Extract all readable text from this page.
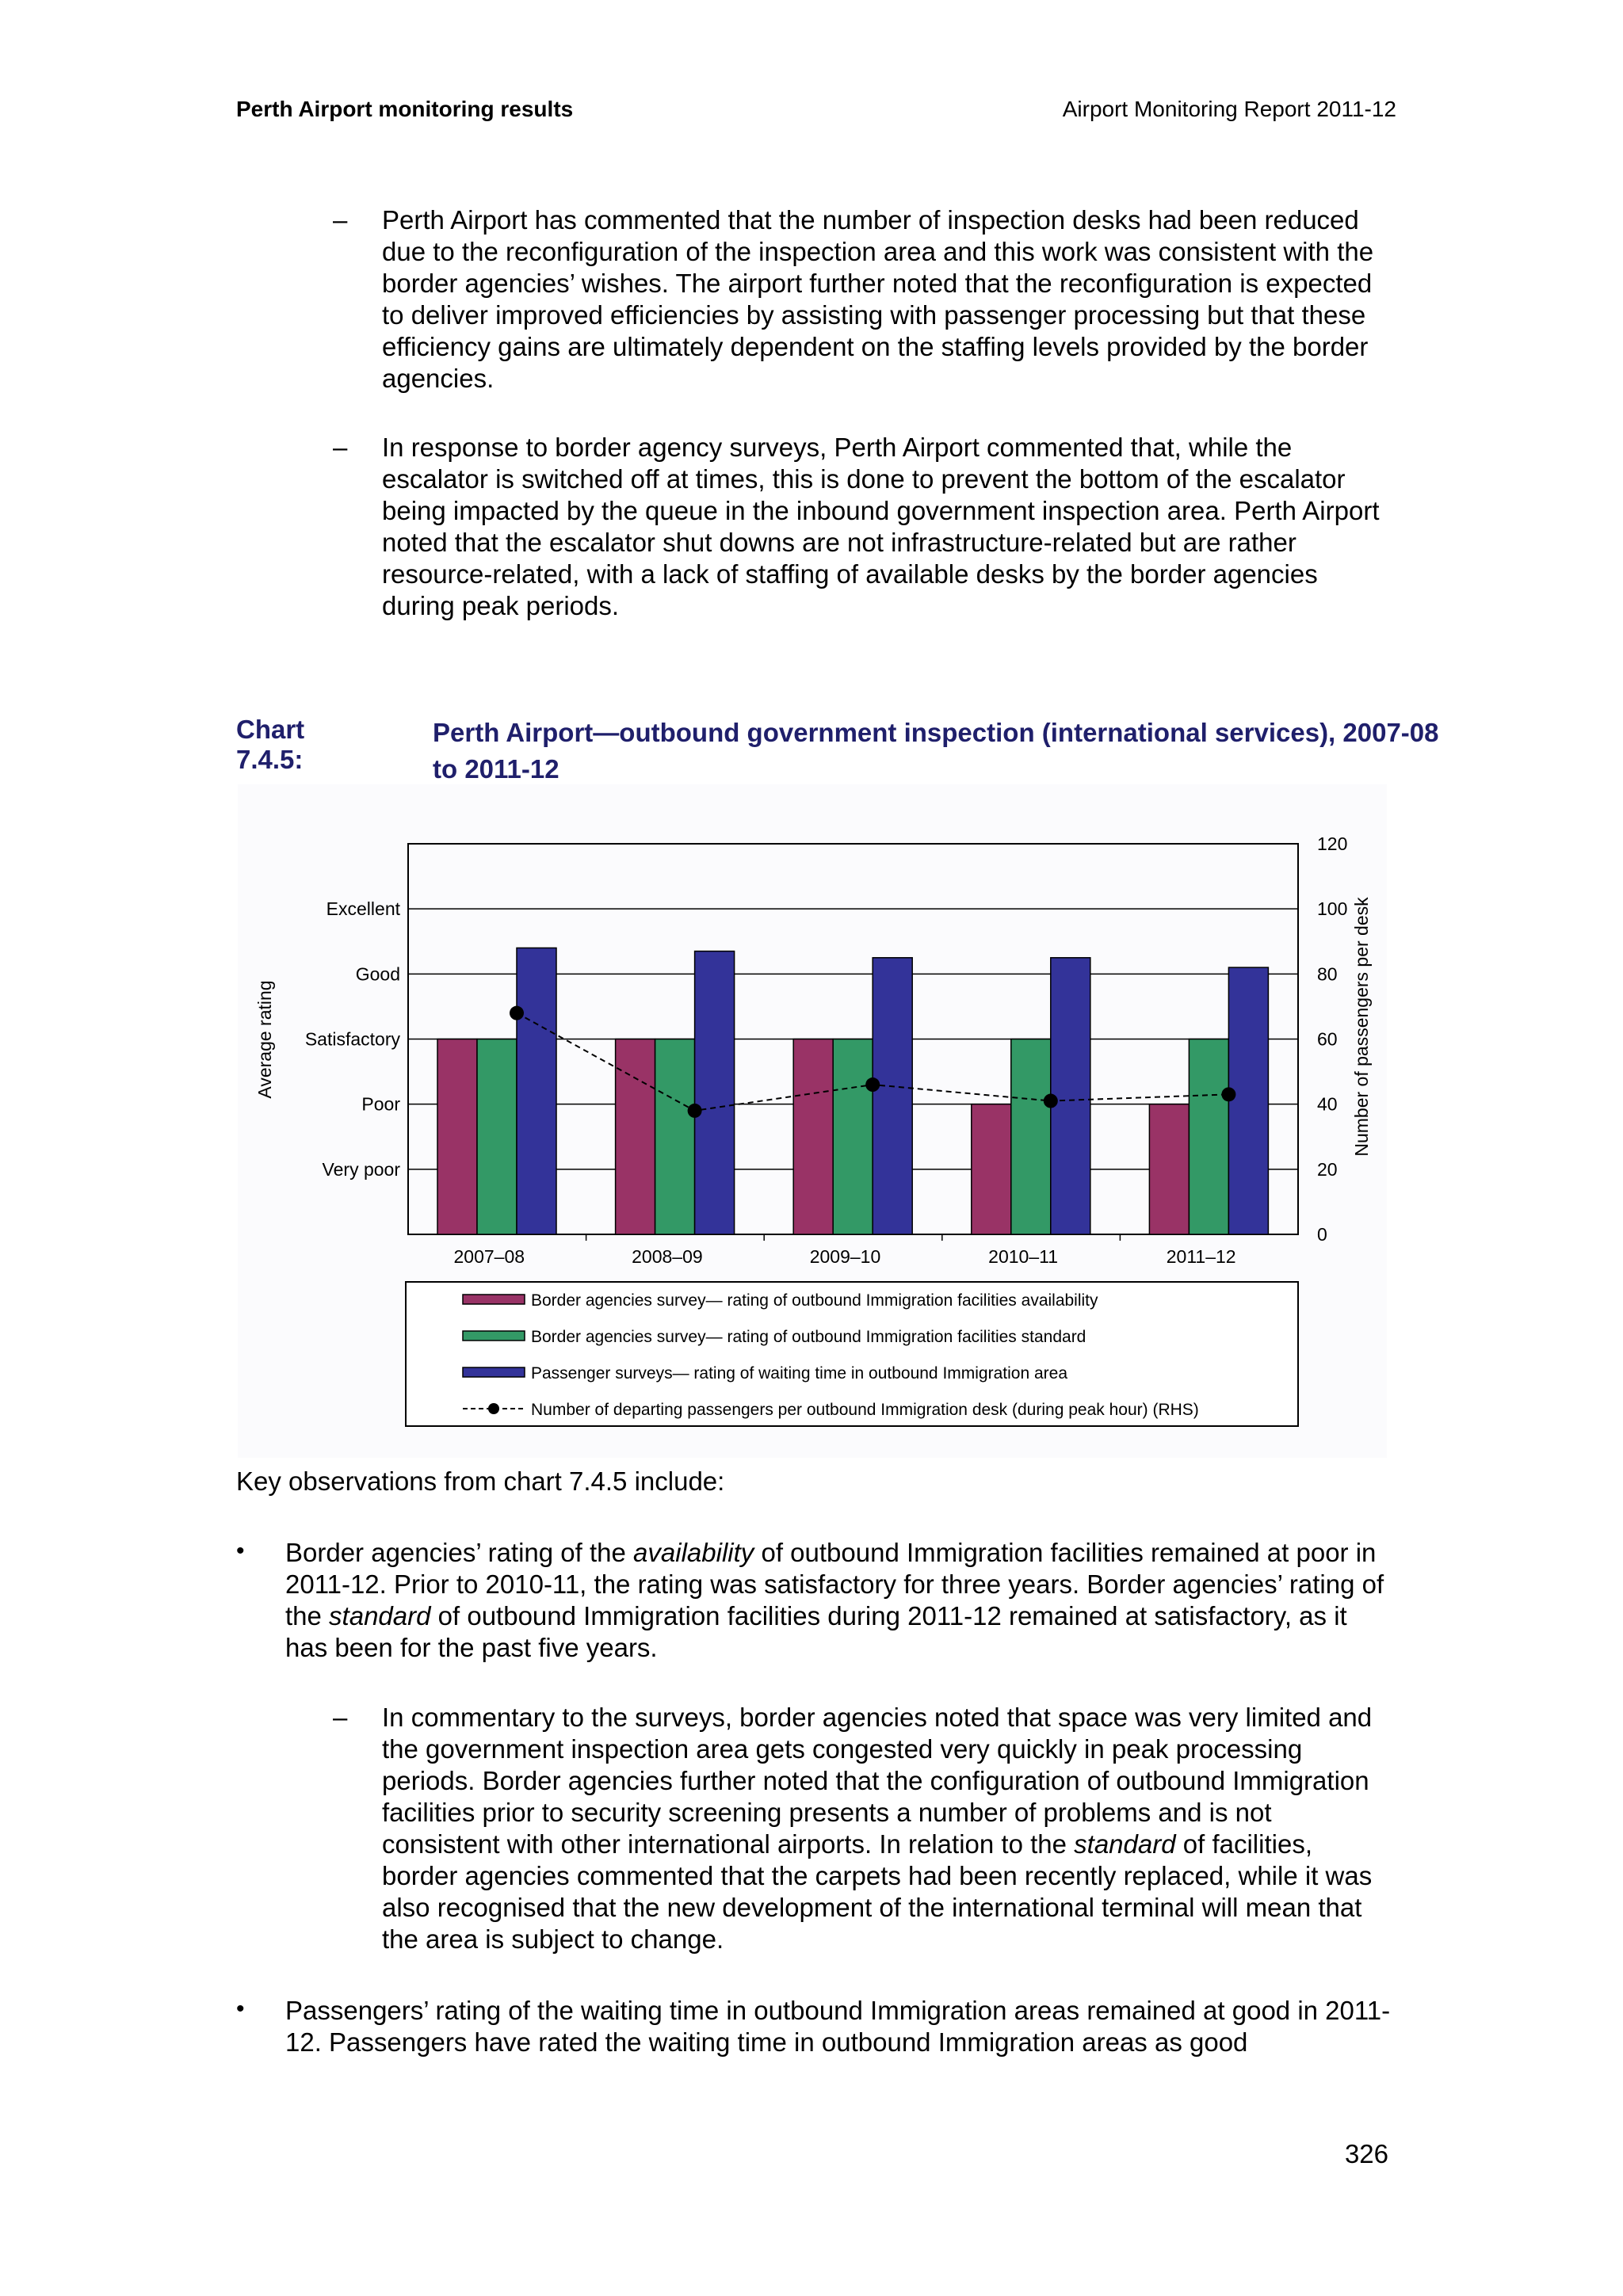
Perth Airport monitoring results	Airport Monitoring Report 2011-12
– Perth Airport has commented that the number of inspection desks had been reduced due to the reconfiguration of the inspection area and this work was consistent with the border agencies’ wishes. The airport further noted that the reconfiguration is expected to deliver improved efficiencies by assisting with passenger processing but that these efficiency gains are ultimately dependent on the staffing levels provided by the border agencies.
– In response to border agency surveys, Perth Airport commented that, while the escalator is switched off at times, this is done to prevent the bottom of the escalator being impacted by the queue in the inbound government inspection area. Perth Airport noted that the escalator shut downs are not infrastructure-related but are rather resource-related, with a lack of staffing of available desks by the border agencies during peak periods.
Chart 7.4.5:
Perth Airport—outbound government inspection (international services), 2007-08 to 2011-12
Very poor
Poor
Satisfactory
Good
Excellent
0
20
40
60
80
100
120
2007–08	2008–09	2009–10	2010–11	2011–12
Average rating	Number of passengers per desk
Border agencies survey— rating of outbound Immigration facilities availability
Border agencies survey— rating of outbound Immigration facilities standard
Passenger surveys— rating of waiting time in outbound Immigration area
Number of departing passengers per outbound Immigration desk (during peak hour) (RHS)
Key observations from chart 7.4.5 include:
• Border agencies’ rating of the availability of outbound Immigration facilities remained at poor in 2011-12. Prior to 2010-11, the rating was satisfactory for three years. Border agencies’ rating of the standard of outbound Immigration facilities during 2011-12 remained at satisfactory, as it has been for the past five years.
– In commentary to the surveys, border agencies noted that space was very limited and the government inspection area gets congested very quickly in peak processing periods. Border agencies further noted that the configuration of outbound Immigration facilities prior to security screening presents a number of problems and is not consistent with other international airports. In relation to the standard of facilities, border agencies commented that the carpets had been recently replaced, while it was also recognised that the new development of the international terminal will mean that the area is subject to change.
• Passengers’ rating of the waiting time in outbound Immigration areas remained at good in 2011-12. Passengers have rated the waiting time in outbound Immigration areas as good
326
